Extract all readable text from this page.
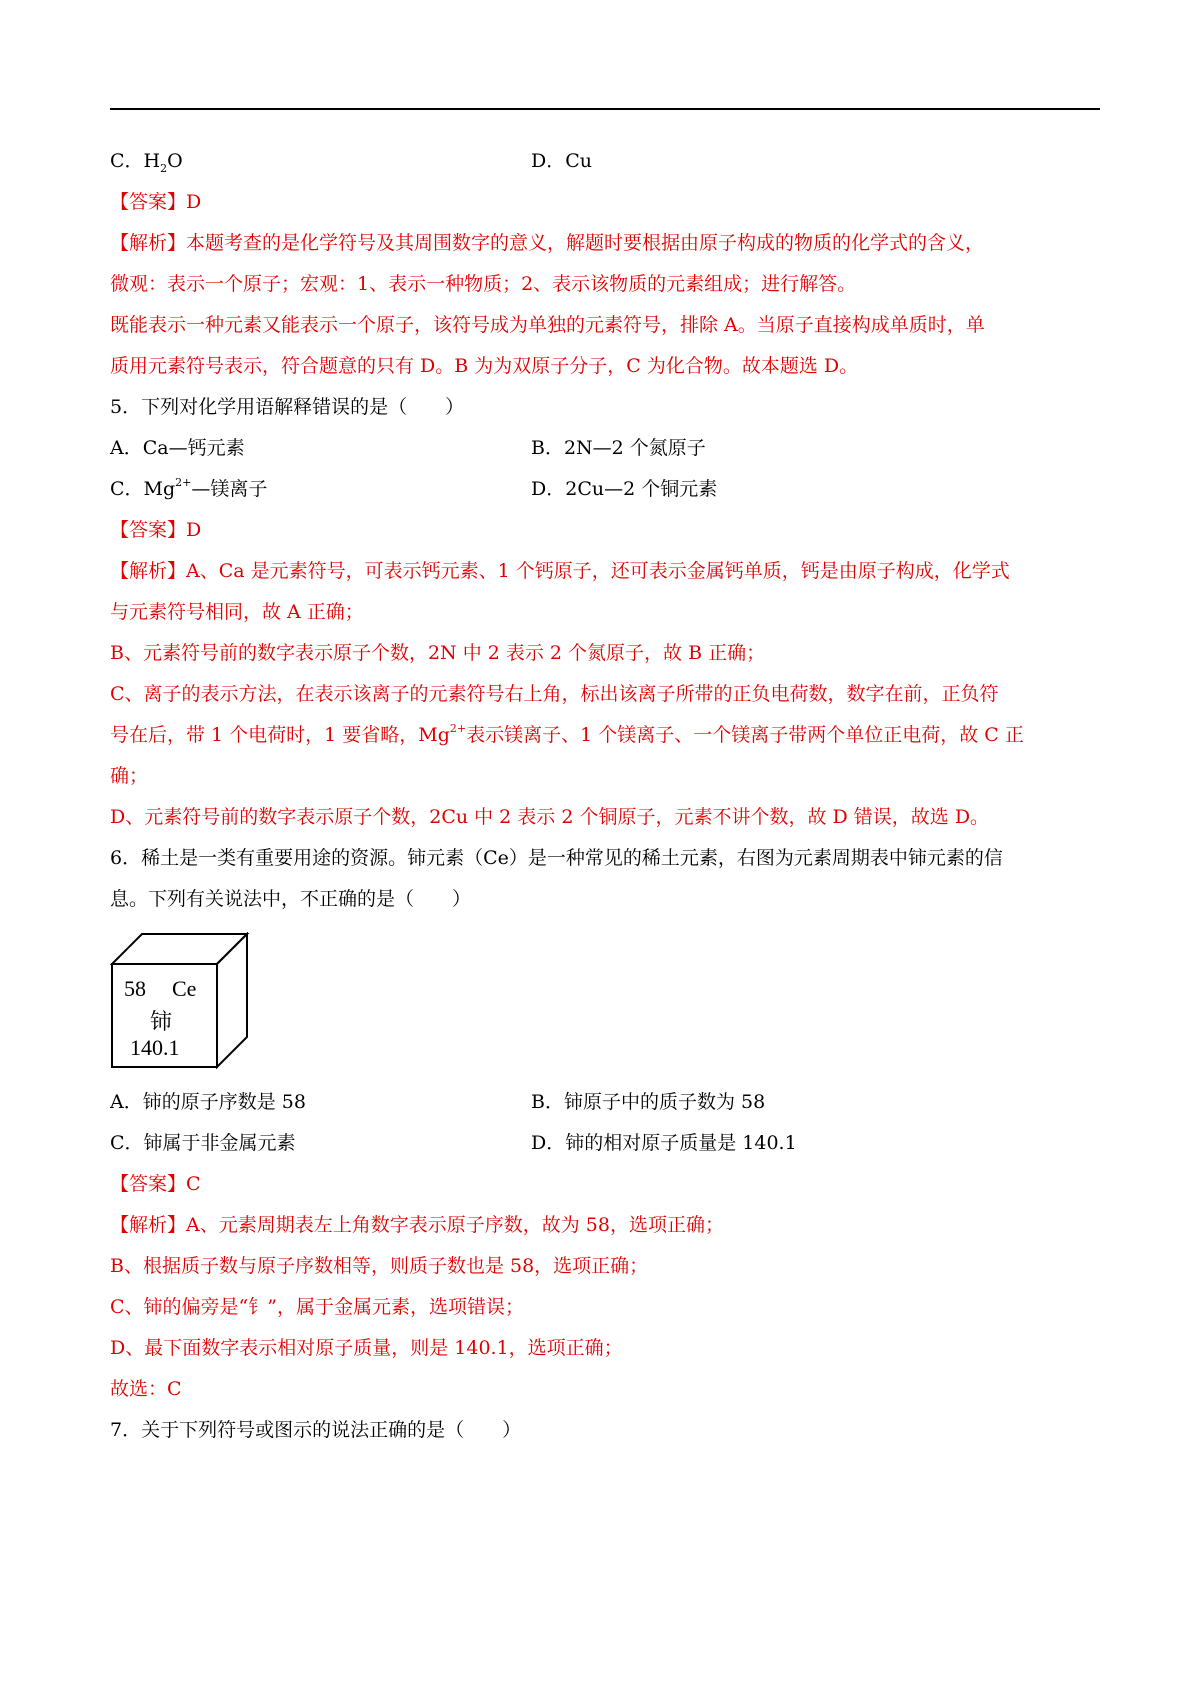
C．$H_2O$	D．Cu
【答案】D
【解析】本题考查的是化学符号及其周围数字的意义，解题时要根据由原子构成的物质的化学式的含义，
微观：表示一个原子；宏观：1、表示一种物质；2、表示该物质的元素组成；进行解答。
既能表示一种元素又能表示一个原子，该符号成为单独的元素符号，排除 A。当原子直接构成单质时，单
质用元素符号表示，符合题意的只有 D。B 为为双原子分子，C 为化合物。故本题选 D。
5．下列对化学用语解释错误的是（　　）
A．Ca—钙元素	B．2N—2 个氮原子
C．$Mg^{2+}—$镁离子	D．2Cu—2 个铜元素
【答案】D
【解析】A、Ca 是元素符号，可表示钙元素、1 个钙原子，还可表示金属钙单质，钙是由原子构成，化学式
与元素符号相同，故 A 正确；
B、元素符号前的数字表示原子个数，2N 中 2 表示 2 个氮原子，故 B 正确；
C、离子的表示方法，在表示该离子的元素符号右上角，标出该离子所带的正负电荷数，数字在前，正负符
号在后，带 1 个电荷时，1 要省略，$Mg^{2+}$表示镁离子、1 个镁离子、一个镁离子带两个单位正电荷，故 C 正
确；
D、元素符号前的数字表示原子个数，2Cu 中 2 表示 2 个铜原子，元素不讲个数，故 D 错误，故选 D。
6．稀土是一类有重要用途的资源。铈元素（Ce）是一种常见的稀土元素，右图为元素周期表中铈元素的信
息。下列有关说法中，不正确的是（　　）
58 Ce
铈
140.1
A．铈的原子序数是 58	B．铈原子中的质子数为 58
C．铈属于非金属元素	D．铈的相对原子质量是 140.1
【答案】C
【解析】A、元素周期表左上角数字表示原子序数，故为 58，选项正确；
B、根据质子数与原子序数相等，则质子数也是 58，选项正确；
C、铈的偏旁是“钅”，属于金属元素，选项错误；
D、最下面数字表示相对原子质量，则是 140.1，选项正确；
故选：C
7．关于下列符号或图示的说法正确的是（　　）
